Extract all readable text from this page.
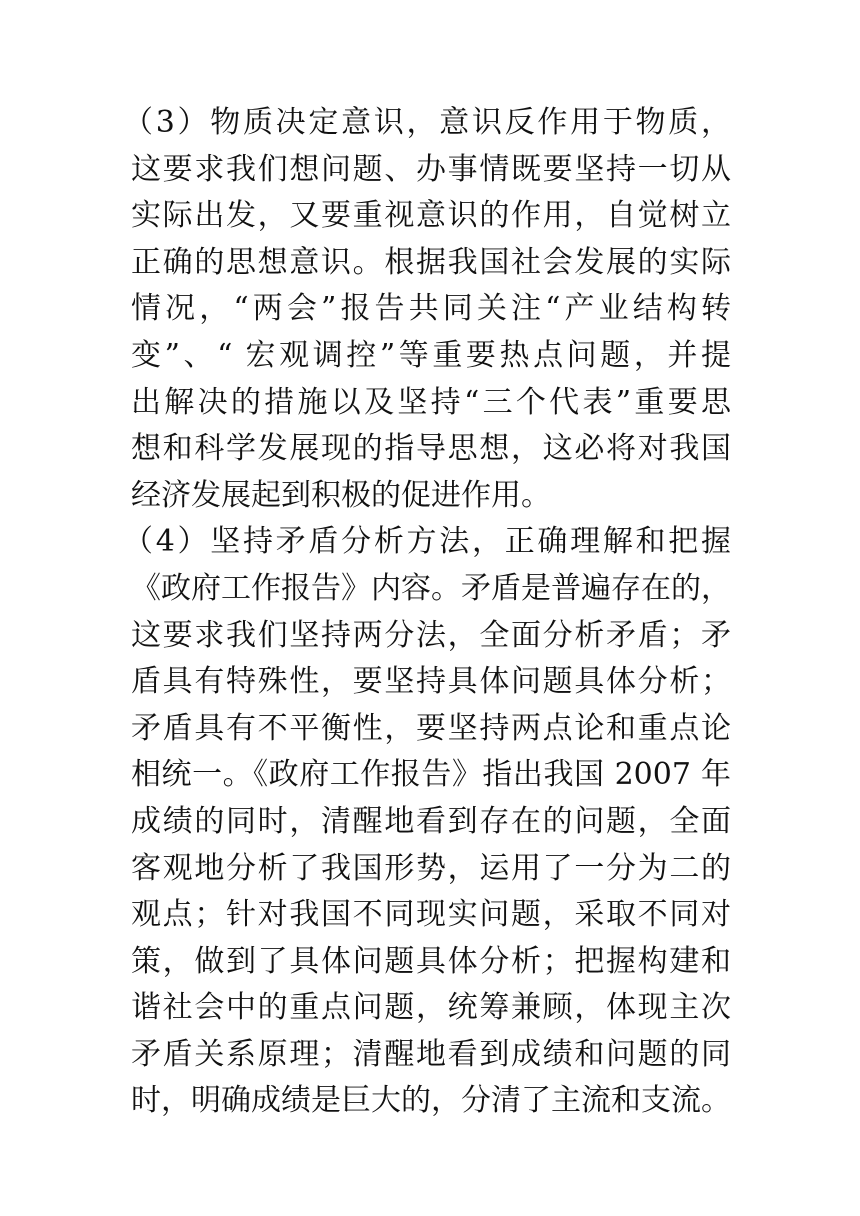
（3）物质决定意识，意识反作用于物质，
这要求我们想问题、办事情既要坚持一切从
实际出发，又要重视意识的作用，自觉树立
正确的思想意识。根据我国社会发展的实际
情况，“两会”报告共同关注“产业结构转
变”、“ 宏观调控”等重要热点问题，并提
出解决的措施以及坚持“三个代表”重要思
想和科学发展现的指导思想，这必将对我国
经济发展起到积极的促进作用。
（4）坚持矛盾分析方法，正确理解和把握
《政府工作报告》内容。矛盾是普遍存在的，
这要求我们坚持两分法，全面分析矛盾；矛
盾具有特殊性，要坚持具体问题具体分析；
矛盾具有不平衡性，要坚持两点论和重点论
相统一。《政府工作报告》指出我国 2007 年
成绩的同时，清醒地看到存在的问题，全面
客观地分析了我国形势，运用了一分为二的
观点；针对我国不同现实问题，采取不同对
策，做到了具体问题具体分析；把握构建和
谐社会中的重点问题，统筹兼顾，体现主次
矛盾关系原理；清醒地看到成绩和问题的同
时，明确成绩是巨大的，分清了主流和支流。
